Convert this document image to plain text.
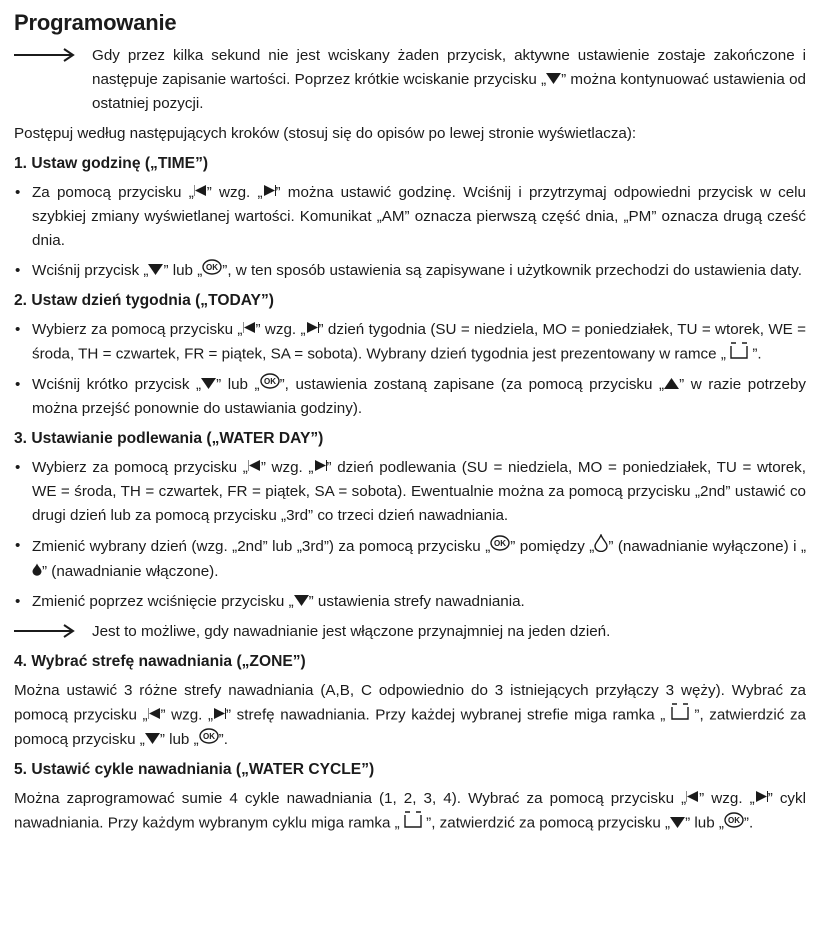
Programowanie
Gdy przez kilka sekund nie jest wciskany żaden przycisk, aktywne ustawienie zostaje zakończone i następuje zapisanie wartości. Poprzez krótkie wciskanie przycisku „ ” można kontynuować ustawienia od ostatniej pozycji.

Postępuj według następujących kroków (stosuj się do opisów po lewej stronie wyświetlacza):

1. Ustaw godzinę („TIME”)
• Za pomocą przycisku „ ” wzg. „ ” można ustawić godzinę. Wciśnij i przytrzymaj odpowiedni przycisk w celu szybkiej zmiany wyświetlanej wartości. Komunikat „AM” oznacza pierwszą część dnia, „PM” oznacza drugą cześć dnia.
• Wciśnij przycisk „ ” lub „ OK ”, w ten sposób ustawienia są zapisywane i użytkownik przechodzi do ustawienia daty.
2. Ustaw dzień tygodnia („TODAY”)
• Wybierz za pomocą przycisku „ ” wzg. „ ” dzień tygodnia (SU = niedziela, MO = poniedziałek, TU = wtorek, WE = środa, TH = czwartek, FR = piątek, SA = sobota). Wybrany dzień tygodnia jest prezentowany w ramce „  ”.
• Wciśnij krótko przycisk „ ” lub „ OK ”, ustawienia zostaną zapisane (za pomocą przycisku „ ” w razie potrzeby można przejść ponownie do ustawiania godziny).
3. Ustawianie podlewania („WATER DAY”)
• Wybierz za pomocą przycisku „ ” wzg. „ ” dzień podlewania (SU = niedziela, MO = poniedziałek, TU = wtorek, WE = środa, TH = czwartek, FR = piątek, SA = sobota). Ewentualnie można za pomocą przycisku „2nd” ustawić co drugi dzień lub za pomocą przycisku „3rd” co trzeci dzień nawadniania.
• Zmienić wybrany dzień (wzg. „2nd” lub „3rd”) za pomocą przycisku „ OK ” pomiędzy „ ” (nawadnianie wyłączone) i „ ” (nawadnianie włączone).
• Zmienić poprzez wciśnięcie przycisku „ ” ustawienia strefy nawadniania.
Jest to możliwe, gdy nawadnianie jest włączone przynajmniej na jeden dzień.
4. Wybrać strefę nawadniania („ZONE”)

Można ustawić 3 różne strefy nawadniania (A,B, C odpowiednio do 3 istniejących przyłączy 3 węży). Wybrać za pomocą przycisku „ ” wzg. „ ” strefę nawadniania. Przy każdej wybranej strefie miga ramka „  ”, zatwierdzić za pomocą przycisku „ ” lub „ OK ”.

5. Ustawić cykle nawadniania („WATER CYCLE”)

Można zaprogramować sumie 4 cykle nawadniania (1, 2, 3, 4). Wybrać za pomocą przycisku „ ” wzg. „ ” cykl nawadniania. Przy każdym wybranym cyklu miga ramka „  ”, zatwierdzić za pomocą przycisku „ ” lub „ OK ”.
